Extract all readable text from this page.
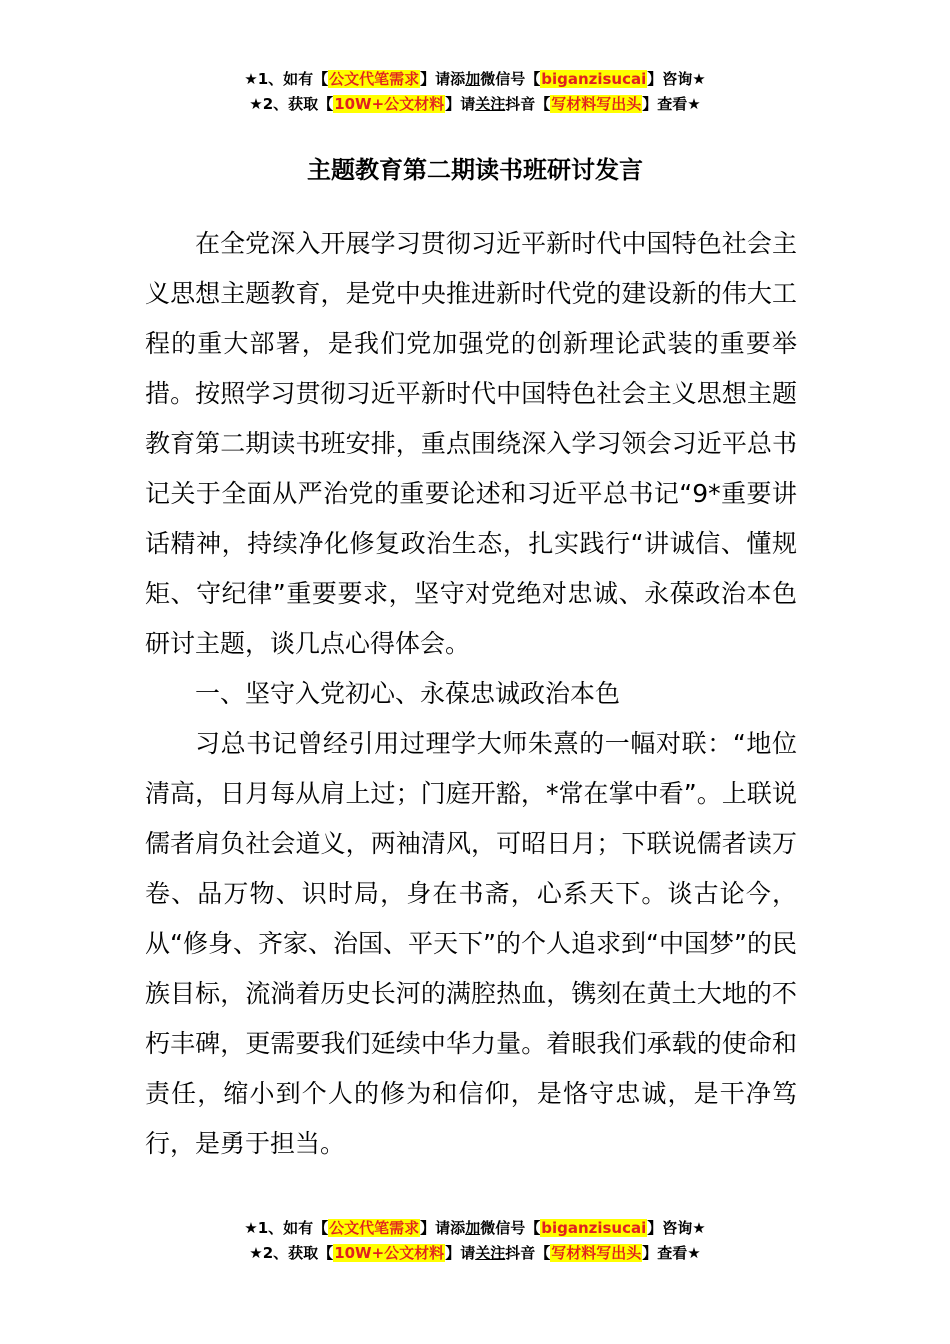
★1、如有【公文代笔需求】请添加微信号【biganzisucai】咨询★
★2、获取【10W+公文材料】请关注抖音【写材料写出头】查看★
主题教育第二期读书班研讨发言

在全党深入开展学习贯彻习近平新时代中国特色社会主义思想主题教育，是党中央推进新时代党的建设新的伟大工程的重大部署，是我们党加强党的创新理论武装的重要举措。按照学习贯彻习近平新时代中国特色社会主义思想主题教育第二期读书班安排，重点围绕深入学习领会习近平总书记关于全面从严治党的重要论述和习近平总书记“9*重要讲话精神，持续净化修复政治生态，扎实践行“讲诚信、懂规矩、守纪律”重要要求，坚守对党绝对忠诚、永葆政治本色研讨主题，谈几点心得体会。

一、坚守入党初心、永葆忠诚政治本色

习总书记曾经引用过理学大师朱熹的一幅对联：“地位清高，日月每从肩上过；门庭开豁，*常在掌中看”。上联说儒者肩负社会道义，两袖清风，可昭日月；下联说儒者读万卷、品万物、识时局，身在书斋，心系天下。谈古论今，从“修身、齐家、治国、平天下”的个人追求到“中国梦”的民族目标，流淌着历史长河的满腔热血，镌刻在黄土大地的不朽丰碑，更需要我们延续中华力量。着眼我们承载的使命和责任，缩小到个人的修为和信仰，是恪守忠诚，是干净笃行，是勇于担当。

★1、如有【公文代笔需求】请添加微信号【biganzisucai】咨询★
★2、获取【10W+公文材料】请关注抖音【写材料写出头】查看★
